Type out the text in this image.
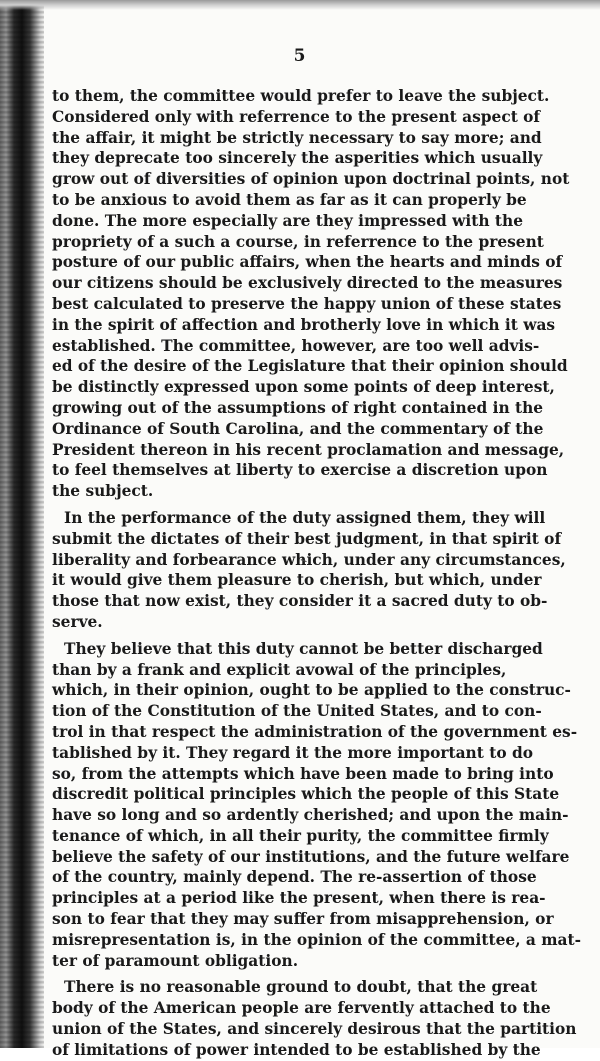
5

to them, the committee would prefer to leave the subject.
Considered only with referrence to the present aspect of
the affair, it might be strictly necessary to say more; and
they deprecate too sincerely the asperities which usually
grow out of diversities of opinion upon doctrinal points, not
to be anxious to avoid them as far as it can properly be
done. The more especially are they impressed with the
propriety of a such a course, in referrence to the present
posture of our public affairs, when the hearts and minds of
our citizens should be exclusively directed to the measures
best calculated to preserve the happy union of these states
in the spirit of affection and brotherly love in which it was
established. The committee, however, are too well advis-
ed of the desire of the Legislature that their opinion should
be distinctly expressed upon some points of deep interest,
growing out of the assumptions of right contained in the
Ordinance of South Carolina, and the commentary of the
President thereon in his recent proclamation and message,
to feel themselves at liberty to exercise a discretion upon
the subject.

In the performance of the duty assigned them, they will
submit the dictates of their best judgment, in that spirit of
liberality and forbearance which, under any circumstances,
it would give them pleasure to cherish, but which, under
those that now exist, they consider it a sacred duty to ob-
serve.

They believe that this duty cannot be better discharged
than by a frank and explicit avowal of the principles,
which, in their opinion, ought to be applied to the construc-
tion of the Constitution of the United States, and to con-
trol in that respect the administration of the government es-
tablished by it. They regard it the more important to do
so, from the attempts which have been made to bring into
discredit political principles which the people of this State
have so long and so ardently cherished; and upon the main-
tenance of which, in all their purity, the committee firmly
believe the safety of our institutions, and the future welfare
of the country, mainly depend. The re-assertion of those
principles at a period like the present, when there is rea-
son to fear that they may suffer from misapprehension, or
misrepresentation is, in the opinion of the committee, a mat-
ter of paramount obligation.

There is no reasonable ground to doubt, that the great
body of the American people are fervently attached to the
union of the States, and sincerely desirous that the partition
of limitations of power intended to be established by the
